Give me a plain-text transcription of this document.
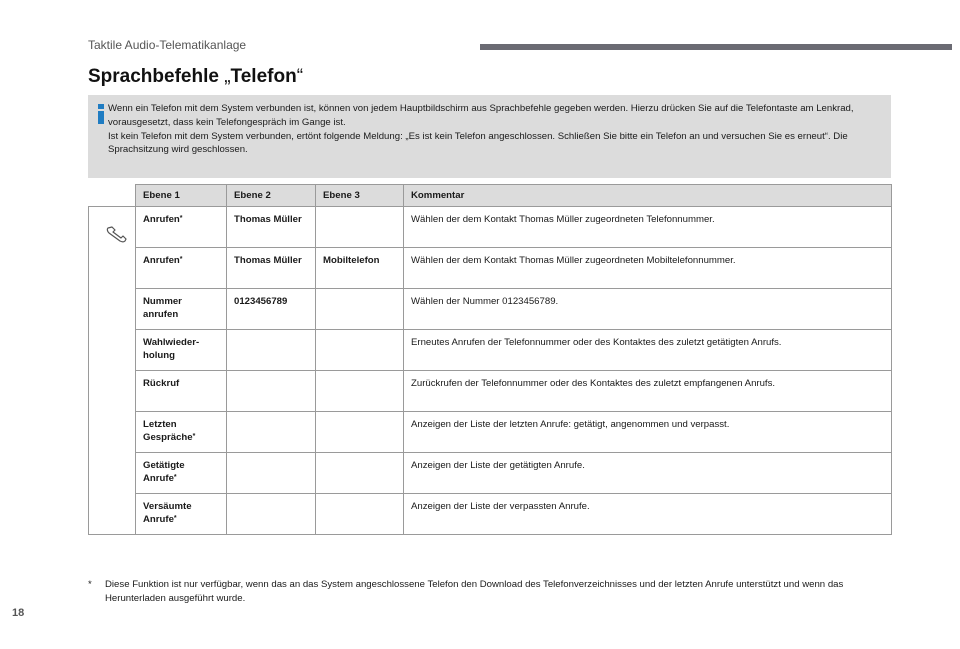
Taktile Audio-Telematikanlage
Sprachbefehle „Telefon“

Wenn ein Telefon mit dem System verbunden ist, können von jedem Hauptbildschirm aus Sprachbefehle gegeben werden. Hierzu drücken Sie auf die Telefontaste am Lenkrad, vorausgesetzt, dass kein Telefongespräch im Gange ist.

Ist kein Telefon mit dem System verbunden, ertönt folgende Meldung: „Es ist kein Telefon angeschlossen. Schließen Sie bitte ein Telefon an und versuchen Sie es erneut“. Die Sprachsitzung wird geschlossen.

	Ebene 1	Ebene 2	Ebene 3	Kommentar

	Anrufen*	Thomas Müller		Wählen der dem Kontakt Thomas Müller zugeordneten Telefonnummer.
	Anrufen*	Thomas Müller	Mobiltelefon	Wählen der dem Kontakt Thomas Müller zugeordneten Mobiltelefonnummer.
	Nummer anrufen	0123456789		Wählen der Nummer 0123456789.
	Wahlwieder-holung			Erneutes Anrufen der Telefonnummer oder des Kontaktes des zuletzt getätigten Anrufs.
	Rückruf			Zurückrufen der Telefonnummer oder des Kontaktes des zuletzt empfangenen Anrufs.
	Letzten Gespräche*			Anzeigen der Liste der letzten Anrufe: getätigt, angenommen und verpasst.
	Getätigte Anrufe*			Anzeigen der Liste der getätigten Anrufe.
	Versäumte Anrufe*			Anzeigen der Liste der verpassten Anrufe.
* Diese Funktion ist nur verfügbar, wenn das an das System angeschlossene Telefon den Download des Telefonverzeichnisses und der letzten Anrufe unterstützt und wenn das Herunterladen ausgeführt wurde.
18
